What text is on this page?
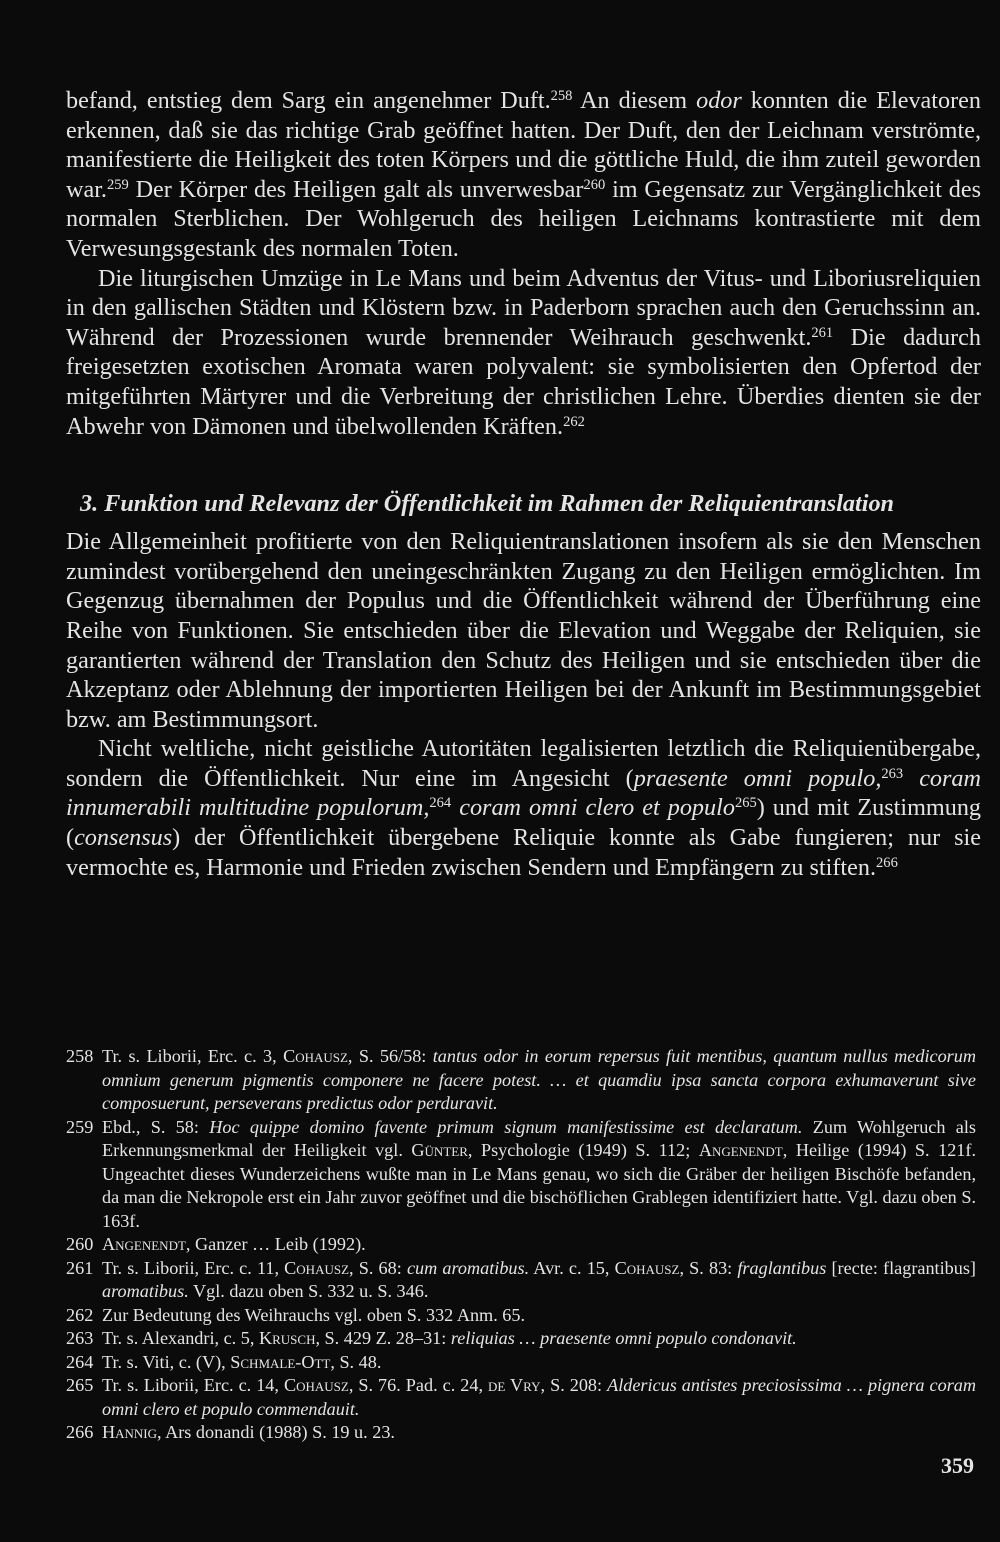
befand, entstieg dem Sarg ein angenehmer Duft.$^{258}$ An diesem odor konnten die Elevatoren erkennen, daß sie das richtige Grab geöffnet hatten. Der Duft, den der Leichnam verströmte, manifestierte die Heiligkeit des toten Körpers und die göttliche Huld, die ihm zuteil geworden war.$^{259}$ Der Körper des Heiligen galt als unverwesbar$^{260}$ im Gegensatz zur Vergänglichkeit des normalen Sterblichen. Der Wohlgeruch des heiligen Leichnams kontrastierte mit dem Verwesungsgestank des normalen Toten.

Die liturgischen Umzüge in Le Mans und beim Adventus der Vitus- und Liboriusreliquien in den gallischen Städten und Klöstern bzw. in Paderborn sprachen auch den Geruchssinn an. Während der Prozessionen wurde brennender Weihrauch geschwenkt.$^{261}$ Die dadurch freigesetzten exotischen Aromata waren polyvalent: sie symbolisierten den Opfertod der mitgeführten Märtyrer und die Verbreitung der christlichen Lehre. Überdies dienten sie der Abwehr von Dämonen und übelwollenden Kräften.$^{262}$

3. Funktion und Relevanz der Öffentlichkeit im Rahmen der Reliquientranslation

Die Allgemeinheit profitierte von den Reliquientranslationen insofern als sie den Menschen zumindest vorübergehend den uneingeschränkten Zugang zu den Heiligen ermöglichten. Im Gegenzug übernahmen der Populus und die Öffentlichkeit während der Überführung eine Reihe von Funktionen. Sie entschieden über die Elevation und Weggabe der Reliquien, sie garantierten während der Translation den Schutz des Heiligen und sie entschieden über die Akzeptanz oder Ablehnung der importierten Heiligen bei der Ankunft im Bestimmungsgebiet bzw. am Bestimmungsort.

Nicht weltliche, nicht geistliche Autoritäten legalisierten letztlich die Reliquienübergabe, sondern die Öffentlichkeit. Nur eine im Angesicht (praesente omni populo,$^{263}$ coram innumerabili multitudine populorum,$^{264}$ coram omni clero et populo$^{265}$) und mit Zustimmung (consensus) der Öffentlichkeit übergebene Reliquie konnte als Gabe fungieren; nur sie vermochte es, Harmonie und Frieden zwischen Sendern und Empfängern zu stiften.$^{266}$

258 Tr. s. Liborii, Erc. c. 3, Cohausz, S. 56/58: tantus odor in eorum repersus fuit mentibus, quantum nullus medicorum omnium generum pigmentis componere ne facere potest. … et quamdiu ipsa sancta corpora exhumaverunt sive composuerunt, perseverans predictus odor perduravit.

259 Ebd., S. 58: Hoc quippe domino favente primum signum manifestissime est declaratum. Zum Wohlgeruch als Erkennungsmerkmal der Heiligkeit vgl. Günter, Psychologie (1949) S. 112; Angenendt, Heilige (1994) S. 121f. Ungeachtet dieses Wunderzeichens wußte man in Le Mans genau, wo sich die Gräber der heiligen Bischöfe befanden, da man die Nekropole erst ein Jahr zuvor geöffnet und die bischöflichen Grablegen identifiziert hatte. Vgl. dazu oben S. 163f.

260 Angenendt, Ganzer … Leib (1992).

261 Tr. s. Liborii, Erc. c. 11, Cohausz, S. 68: cum aromatibus. Avr. c. 15, Cohausz, S. 83: fraglantibus [recte: flagrantibus] aromatibus. Vgl. dazu oben S. 332 u. S. 346.

262 Zur Bedeutung des Weihrauchs vgl. oben S. 332 Anm. 65.

263 Tr. s. Alexandri, c. 5, Krusch, S. 429 Z. 28–31: reliquias … praesente omni populo condonavit.

264 Tr. s. Viti, c. (V), Schmale-Ott, S. 48.

265 Tr. s. Liborii, Erc. c. 14, Cohausz, S. 76. Pad. c. 24, de Vry, S. 208: Aldericus antistes preciosissima … pignera coram omni clero et populo commendauit.

266 Hannig, Ars donandi (1988) S. 19 u. 23.

359
